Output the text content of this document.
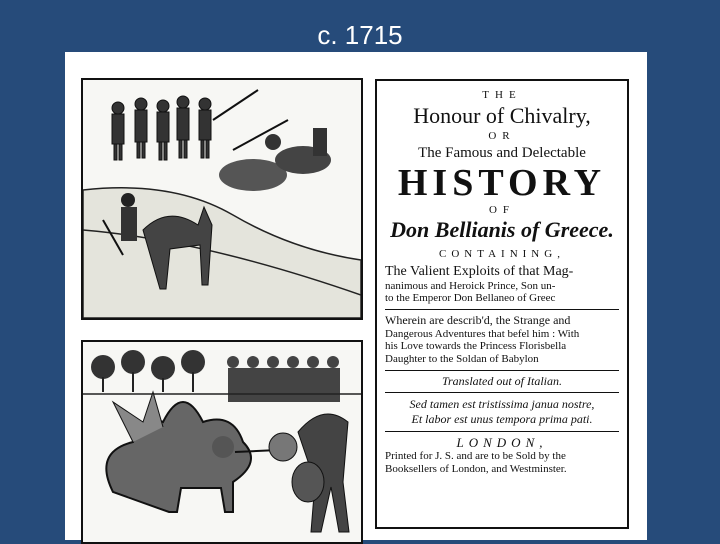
c. 1715
THE
Honour of Chivalry,
OR
The Famous and Delectable
HISTORY
OF
Don Bellianis of Greece.
CONTAINING,
The Valient Exploits of that Mag-
nanimous and Heroick Prince, Son un-
to the Emperor Don Bellaneo of Greec
Wherein are describ'd, the Strange and
Dangerous Adventures that befel him : With
his Love towards the Princess Florisbella
Daughter to the Soldan of Babylon
Translated out of Italian.
Sed tamen est tristissima janua nostre,
Et labor est unus tempora prima pati.
LONDON,
Printed for J. S. and are to be Sold by the
Booksellers of London, and Westminster.
